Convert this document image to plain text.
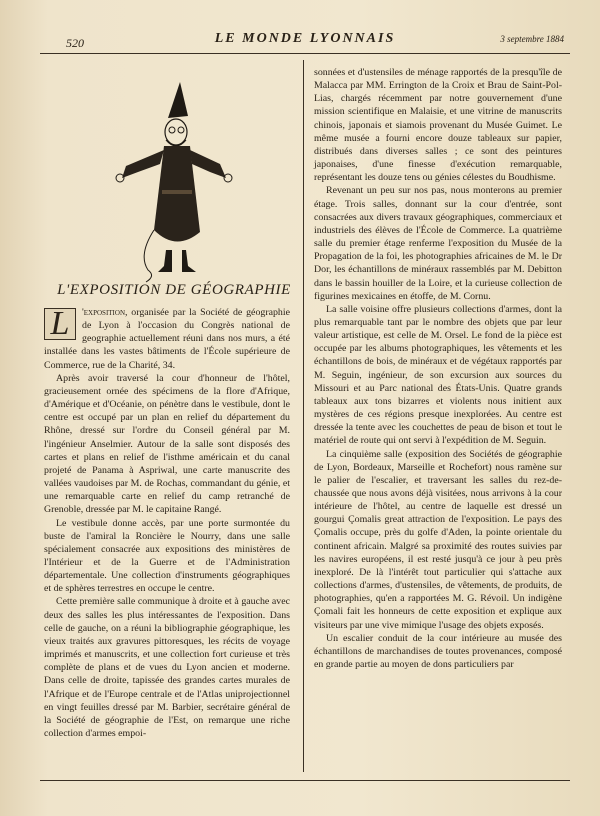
520	LE MONDE LYONNAIS	3 septembre 1884
L'EXPOSITION DE GÉOGRAPHIE

L	'exposition, organisée par la Société de géographie de Lyon à l'occasion du Congrès national de geographie actuellement réuni dans nos murs, a été installée dans les vastes bâtiments de l'École supérieure de Commerce, rue de la Charité, 34.

Après avoir traversé la cour d'honneur de l'hôtel, gracieusement ornée des spécimens de la flore d'Afrique, d'Amérique et d'Océanie, on pénètre dans le vestibule, dont le centre est occupé par un plan en relief du département du Rhône, dressé sur l'ordre du Conseil général par M. l'ingénieur Anselmier. Autour de la salle sont disposés des cartes et plans en relief de l'isthme américain et du canal projeté de Panama à Aspriwal, une carte manuscrite des vallées vaudoises par M. de Rochas, commandant du génie, et une remarquable carte en relief du camp retranché de Grenoble, dressée par M. le capitaine Rangé.

Le vestibule donne accès, par une porte surmontée du buste de l'amiral la Roncière le Nourry, dans une salle spécialement consacrée aux expositions des ministères de l'Intérieur et de la Guerre et de l'Administration départementale. Une collection d'instruments géographiques et de sphères terrestres en occupe le centre.

Cette première salle communique à droite et à gauche avec deux des salles les plus intéressantes de l'exposition. Dans celle de gauche, on a réuni la bibliographie géographique, les vieux traités aux gravures pittoresques, les récits de voyage imprimés et manuscrits, et une collection fort curieuse et très complète de plans et de vues du Lyon ancien et moderne. Dans celle de droite, tapissée des grandes cartes murales de l'Afrique et de l'Europe centrale et de l'Atlas uniprojectionnel en vingt feuilles dressé par M. Barbier, secrétaire général de la Société de géographie de l'Est, on remarque une riche collection d'armes empoi-

sonnées et d'ustensiles de ménage rapportés de la presqu'île de Malacca par MM. Errington de la Croix et Brau de Saint-Pol-Lias, chargés récemment par notre gouvernement d'une mission scientifique en Malaisie, et une vitrine de manuscrits chinois, japonais et siamois provenant du Musée Guimet. Le même musée a fourni encore douze tableaux sur papier, distribués dans diverses salles ; ce sont des peintures japonaises, d'une finesse d'exécution remarquable, représentant les douze tens ou génies célestes du Boudhisme.

Revenant un peu sur nos pas, nous monterons au premier étage. Trois salles, donnant sur la cour d'entrée, sont consacrées aux divers travaux géographiques, commerciaux et industriels des élèves de l'École de Commerce. La quatrième salle du premier étage renferme l'exposition du Musée de la Propagation de la foi, les photographies africaines de M. le Dr Dor, les échantillons de minéraux rassemblés par M. Debitton dans le bassin houiller de la Loire, et la curieuse collection de figurines mexicaines en étoffe, de M. Cornu.

La salle voisine offre plusieurs collections d'armes, dont la plus remarquable tant par le nombre des objets que par leur valeur artistique, est celle de M. Orsel. Le fond de la pièce est occupée par les albums photographiques, les vêtements et les échantillons de bois, de minéraux et de végétaux rapportés par M. Seguin, ingénieur, de son excursion aux sources du Missouri et au Parc national des États-Unis. Quatre grands tableaux aux tons bizarres et violents nous initient aux mystères de ces régions presque inexplorées. Au centre est dressée la tente avec les couchettes de peau de bison et tout le matériel de route qui ont servi à l'expédition de M. Seguin.

La cinquième salle (exposition des Sociétés de géographie de Lyon, Bordeaux, Marseille et Rochefort) nous ramène sur le palier de l'escalier, et traversant les salles du rez-de-chaussée que nous avons déjà visitées, nous arrivons à la cour intérieure de l'hôtel, au centre de laquelle est dressé un gourgui Çomalis great attraction de l'exposition. Le pays des Çomalis occupe, près du golfe d'Aden, la pointe orientale du continent africain. Malgré sa proximité des routes suivies par les navires européens, il est resté jusqu'à ce jour à peu près inexploré. De là l'intérêt tout particulier qui s'attache aux collections d'armes, d'ustensiles, de vêtements, de produits, de photographies, qu'en a rapportées M. G. Révoil. Un indigène Çomali fait les honneurs de cette exposition et explique aux visiteurs par une vive mimique l'usage des objets exposés.

Un escalier conduit de la cour intérieure au musée des échantillons de marchandises de toutes provenances, composé en grande partie au moyen de dons particuliers par
